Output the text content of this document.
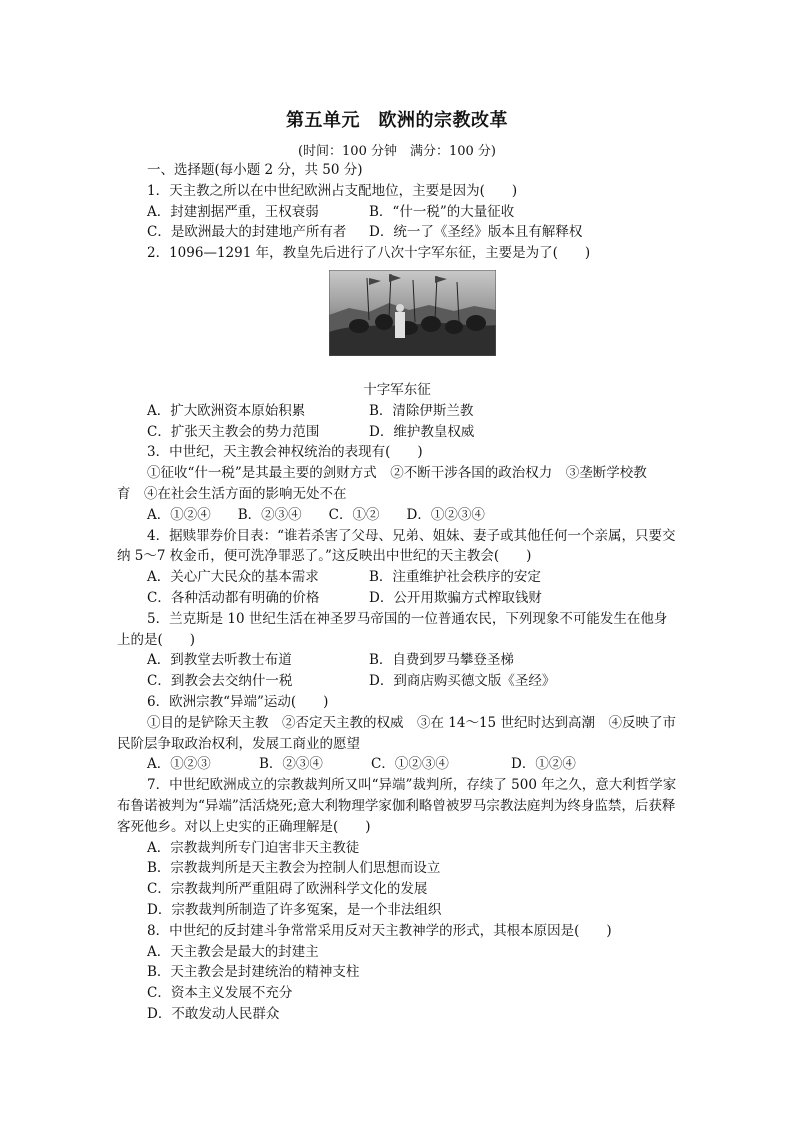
第五单元　欧洲的宗教改革
(时间：100 分钟　满分：100 分)
一、选择题(每小题 2 分，共 50 分)
1．天主教之所以在中世纪欧洲占支配地位，主要是因为(　　)
A．封建割据严重，王权衰弱	B．“什一税”的大量征收
C．是欧洲最大的封建地产所有者	D．统一了《圣经》版本且有解释权
2．1096—1291 年，教皇先后进行了八次十字军东征，主要是为了(　　)
十字军东征
A．扩大欧洲资本原始积累	B．清除伊斯兰教
C．扩张天主教会的势力范围	D．维护教皇权威
3．中世纪，天主教会神权统治的表现有(　　)
①征收“什一税”是其最主要的剑财方式　②不断干涉各国的政治权力　③垄断学校教
育　④在社会生活方面的影响无处不在
A．①②④　　B．②③④　　C．①②　　D．①②③④
4．据赎罪券价目表：“谁若杀害了父母、兄弟、姐妹、妻子或其他任何一个亲属，只要交纳 5～7 枚金币，便可洗净罪恶了。”这反映出中世纪的天主教会(　　)
A．关心广大民众的基本需求	B．注重维护社会秩序的安定
C．各种活动都有明确的价格	D．公开用欺骗方式榨取钱财
5．兰克斯是 10 世纪生活在神圣罗马帝国的一位普通农民，下列现象不可能发生在他身上的是(　　)
A．到教堂去听教士布道	B．自费到罗马攀登圣梯
C．到教会去交纳什一税	D．到商店购买德文版《圣经》
6．欧洲宗教“异端”运动(　　)
①目的是铲除天主教　②否定天主教的权威　③在 14～15 世纪时达到高潮　④反映了市民阶层争取政治权利，发展工商业的愿望
A．①②③	B．②③④	C．①②③④	D．①②④
7．中世纪欧洲成立的宗教裁判所又叫“异端”裁判所，存续了 500 年之久，意大利哲学家布鲁诺被判为“异端”活活烧死;意大利物理学家伽利略曾被罗马宗教法庭判为终身监禁，后获释客死他乡。对以上史实的正确理解是(　　)
A．宗教裁判所专门迫害非天主教徒
B．宗教裁判所是天主教会为控制人们思想而设立
C．宗教裁判所严重阻碍了欧洲科学文化的发展
D．宗教裁判所制造了许多冤案，是一个非法组织
8．中世纪的反封建斗争常常采用反对天主教神学的形式，其根本原因是(　　)
A．天主教会是最大的封建主
B．天主教会是封建统治的精神支柱
C．资本主义发展不充分
D．不敢发动人民群众
